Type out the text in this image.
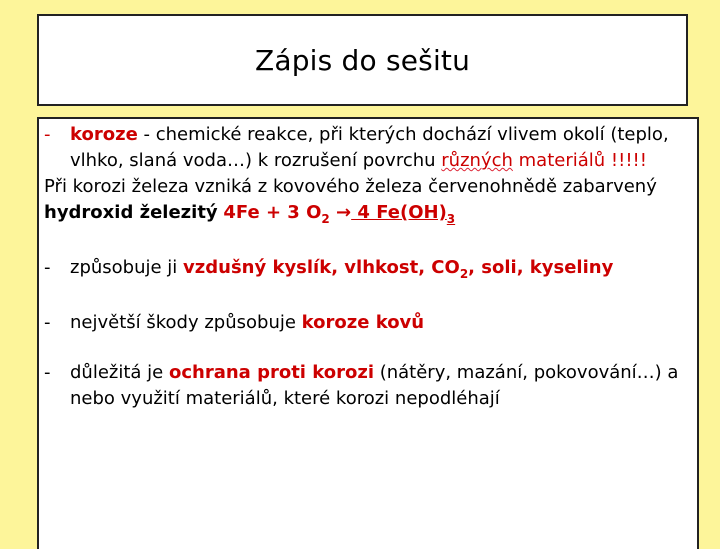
Zápis do sešitu
- koroze - chemické reakce, při kterých dochází vlivem okolí (teplo, vlhko, slaná voda…) k rozrušení povrchu různých materiálů !!!!!

Při korozi železa vzniká z kovového železa červenohnědě zabarvený hydroxid železitý 4Fe + 3 $O_2 \to 4$ $Fe(OH)_3$

- způsobuje ji vzdušný kyslík, vlhkost, $CO_2$, soli, kyseliny
- největší škody způsobuje koroze kovů
- důležitá je ochrana proti korozi (nátěry, mazání, pokovování…) a nebo využití materiálů, které korozi nepodléhají
